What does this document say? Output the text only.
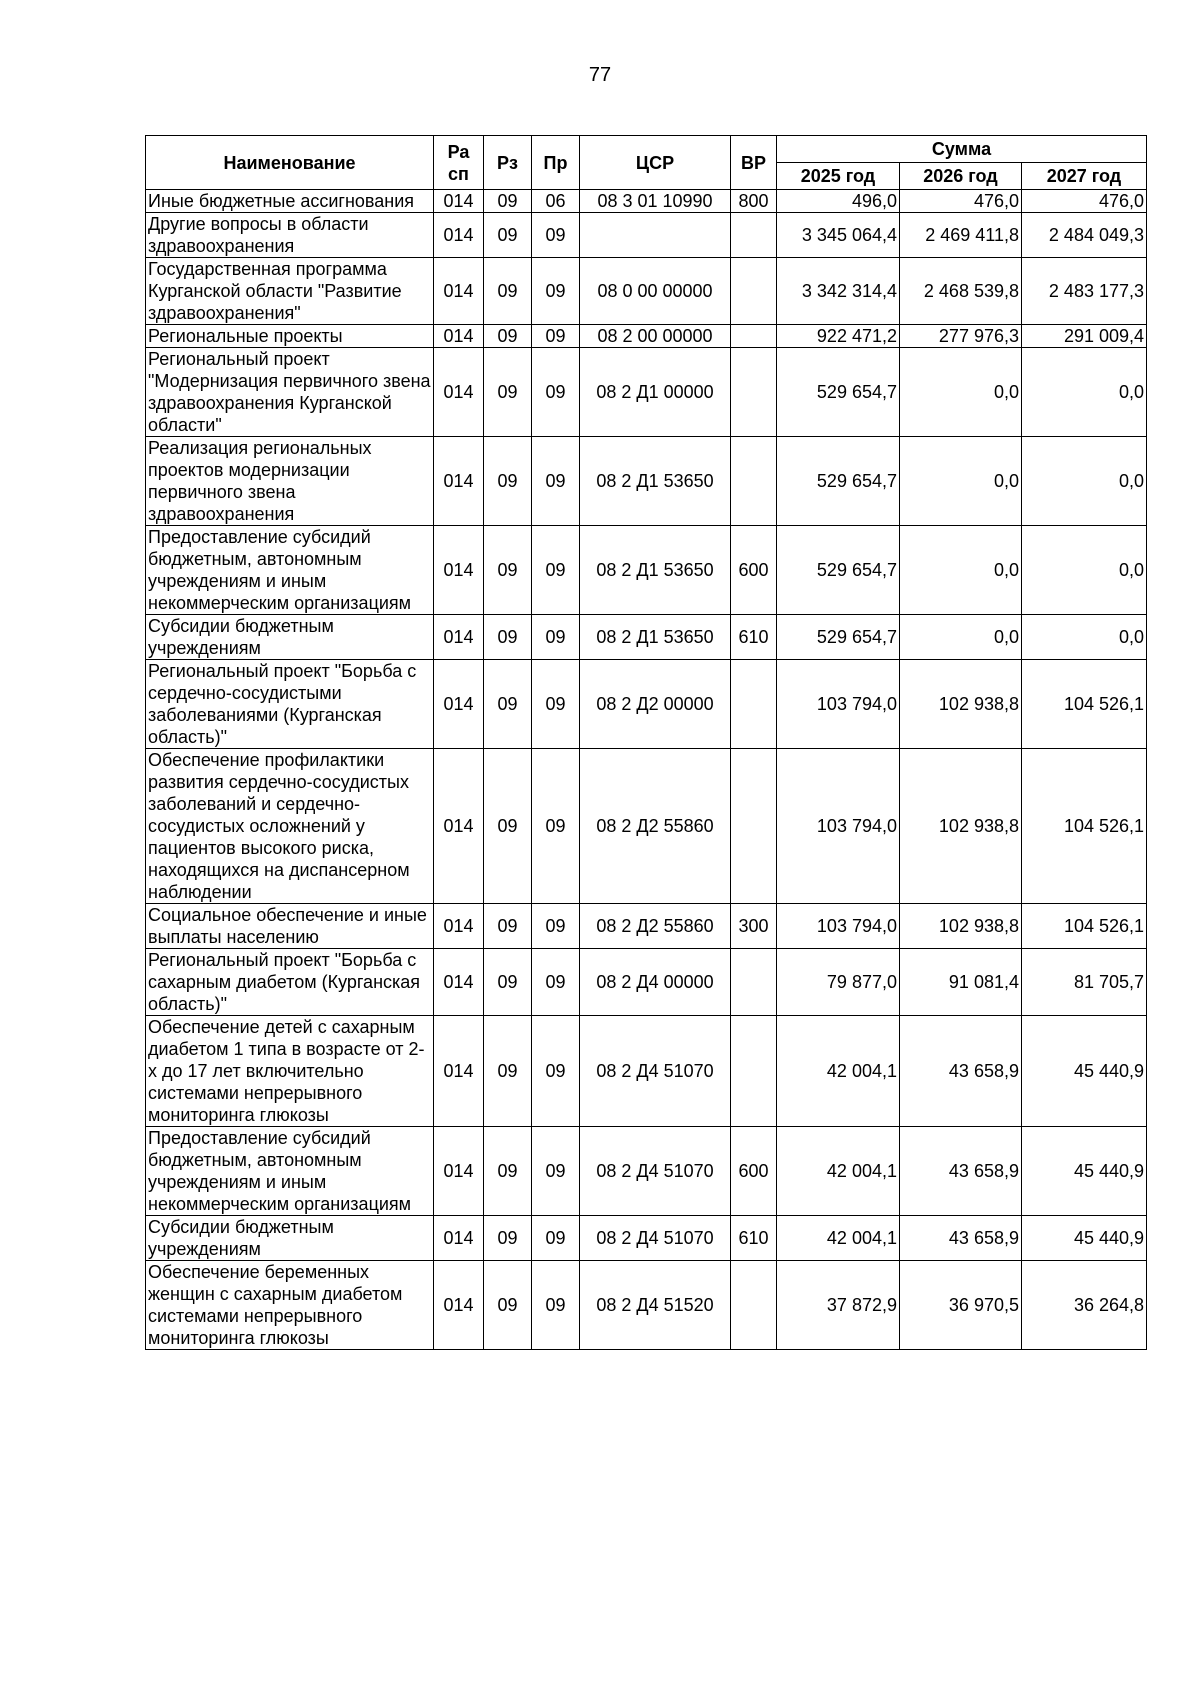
77
Наименование	Ра сп	Рз	Пр	ЦСР	ВР	Сумма		
						2025 год	2026 год	2027 год
Иные бюджетные ассигнования	014	09	06	08 3 01 10990	800	496,0	476,0	476,0
Другие вопросы в области здравоохранения	014	09	09			3 345 064,4	2 469 411,8	2 484 049,3
Государственная программа Курганской области "Развитие здравоохранения"	014	09	09	08 0 00 00000		3 342 314,4	2 468 539,8	2 483 177,3
Региональные проекты	014	09	09	08 2 00 00000		922 471,2	277 976,3	291 009,4
Региональный проект "Модернизация первичного звена здравоохранения Курганской области"	014	09	09	08 2 Д1 00000		529 654,7	0,0	0,0
Реализация региональных проектов модернизации первичного звена здравоохранения	014	09	09	08 2 Д1 53650		529 654,7	0,0	0,0
Предоставление субсидий бюджетным, автономным учреждениям и иным некоммерческим организациям	014	09	09	08 2 Д1 53650	600	529 654,7	0,0	0,0
Субсидии бюджетным учреждениям	014	09	09	08 2 Д1 53650	610	529 654,7	0,0	0,0
Региональный проект "Борьба с сердечно-сосудистыми заболеваниями (Курганская область)"	014	09	09	08 2 Д2 00000		103 794,0	102 938,8	104 526,1
Обеспечение профилактики развития сердечно-сосудистых заболеваний и сердечно-сосудистых осложнений у пациентов высокого риска, находящихся на диспансерном наблюдении	014	09	09	08 2 Д2 55860		103 794,0	102 938,8	104 526,1
Социальное обеспечение и иные выплаты населению	014	09	09	08 2 Д2 55860	300	103 794,0	102 938,8	104 526,1
Региональный проект "Борьба с сахарным диабетом (Курганская область)"	014	09	09	08 2 Д4 00000		79 877,0	91 081,4	81 705,7
Обеспечение детей с сахарным диабетом 1 типа в возрасте от 2-х до 17 лет включительно системами непрерывного мониторинга глюкозы	014	09	09	08 2 Д4 51070		42 004,1	43 658,9	45 440,9
Предоставление субсидий бюджетным, автономным учреждениям и иным некоммерческим организациям	014	09	09	08 2 Д4 51070	600	42 004,1	43 658,9	45 440,9
Субсидии бюджетным учреждениям	014	09	09	08 2 Д4 51070	610	42 004,1	43 658,9	45 440,9
Обеспечение беременных женщин с сахарным диабетом системами непрерывного мониторинга глюкозы	014	09	09	08 2 Д4 51520		37 872,9	36 970,5	36 264,8
